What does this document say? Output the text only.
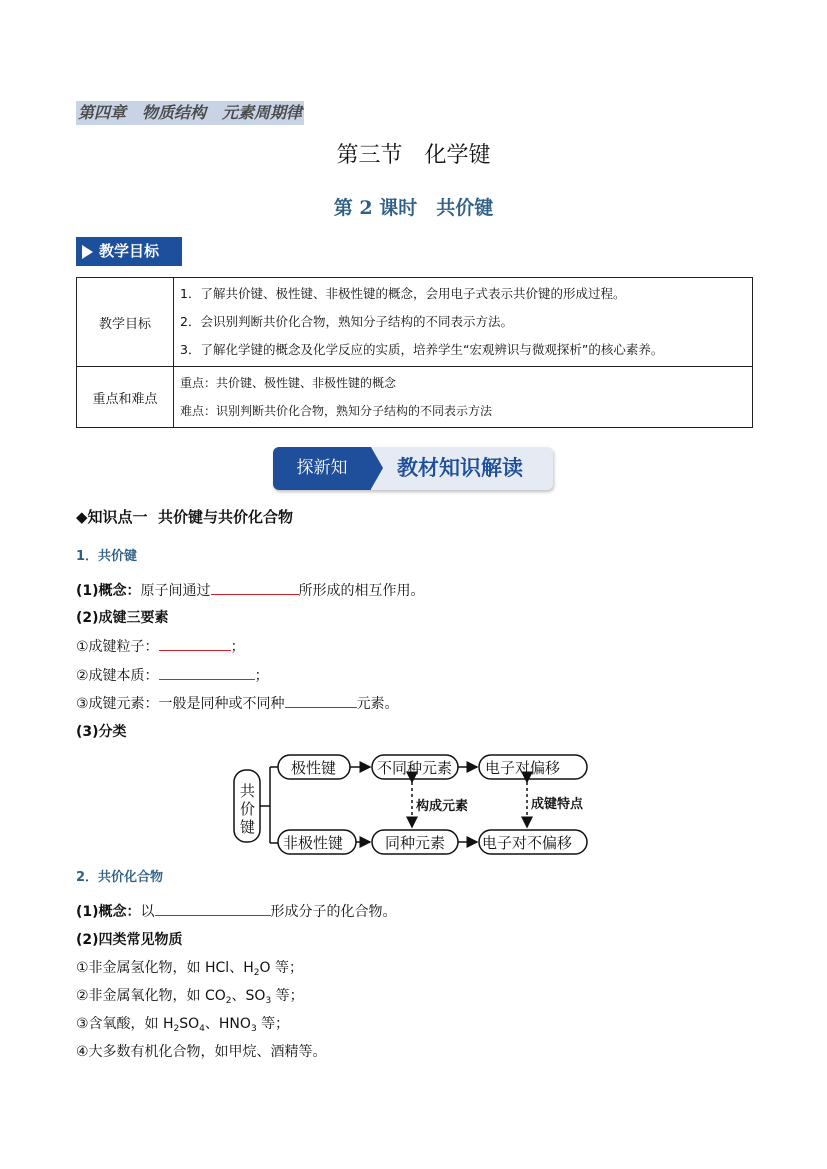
第四章　物质结构　元素周期律
第三节　化学键
第 2 课时　共价键
教学目标
教学目标	1．了解共价键、极性键、非极性键的概念，会用电子式表示共价键的形成过程。
2．会识别判断共价化合物，熟知分子结构的不同表示方法。
3．了解化学键的概念及化学反应的实质，培养学生“宏观辨识与微观探析”的核心素养。

重点和难点	重点：共价键、极性键、非极性键的概念
难点：识别判断共价化合物，熟知分子结构的不同表示方法
探新知	教材知识解读
◆知识点一  共价键与共价化合物
1．共价键
(1)概念：原子间通过	所形成的相互作用。
(2)成键三要素
①成键粒子：	；
②成键本质：	；
③成键元素：一般是同种或不同种	元素。
(3)分类
共
价
键
极性键	不同种元素 电子对偏移
非极性键	同种元素 电子对不偏移
构成元素	成键特点
2．共价化合物
(1)概念：以	形成分子的化合物。
(2)四类常见物质
①非金属氢化物，如 HCl、$H_2O$ 等；
②非金属氧化物，如 $CO_2$、$SO_3$ 等；
③含氧酸，如 $H_2SO_4$、$HNO_3$ 等；
④大多数有机化合物，如甲烷、酒精等。
